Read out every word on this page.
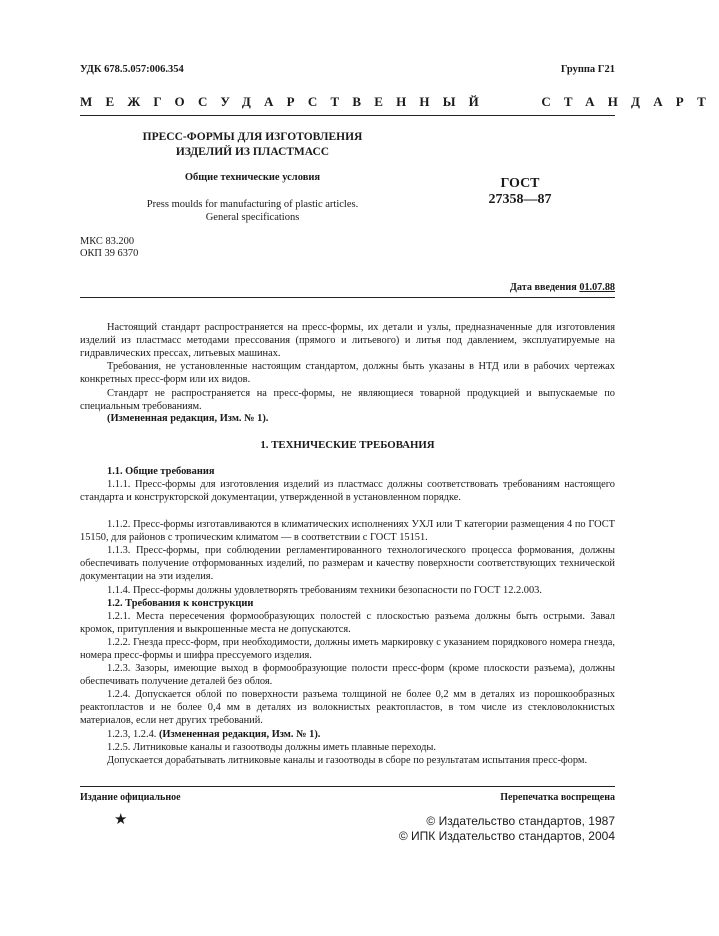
УДК 678.5.057:006.354	Группа Г21
МЕЖГОСУДАРСТВЕННЫЙ   СТАНДАРТ
ПРЕСС-ФОРМЫ ДЛЯ ИЗГОТОВЛЕНИЯ
ИЗДЕЛИЙ ИЗ ПЛАСТМАСС
Общие технические условия
Press moulds for manufacturing of plastic articles.
General specifications
ГОСТ
27358—87
МКС 83.200
ОКП 39 6370
Дата введения 01.07.88
Настоящий стандарт распространяется на пресс-формы, их детали и узлы, предназначенные для изготовления изделий из пластмасс методами прессования (прямого и литьевого) и литья под давлением, эксплуатируемые на гидравлических прессах, литьевых машинах.
Требования, не установленные настоящим стандартом, должны быть указаны в НТД или в рабочих чертежах конкретных пресс-форм или их видов.
Стандарт не распространяется на пресс-формы, не являющиеся товарной продукцией и выпускаемые по специальным требованиям.
(Измененная редакция, Изм. № 1).
1. ТЕХНИЧЕСКИЕ ТРЕБОВАНИЯ
1.1. Общие требования
1.1.1. Пресс-формы для изготовления изделий из пластмасс должны соответствовать требованиям настоящего стандарта и конструкторской документации, утвержденной в установленном порядке.
1.1.2. Пресс-формы изготавливаются в климатических исполнениях УХЛ или Т категории размещения 4 по ГОСТ 15150, для районов с тропическим климатом — в соответствии с ГОСТ 15151.
1.1.3. Пресс-формы, при соблюдении регламентированного технологического процесса формования, должны обеспечивать получение отформованных изделий, по размерам и качеству поверхности соответствующих технической документации на эти изделия.
1.1.4. Пресс-формы должны удовлетворять требованиям техники безопасности по ГОСТ 12.2.003.
1.2. Требования к конструкции
1.2.1. Места пересечения формообразующих полостей с плоскостью разъема должны быть острыми. Завал кромок, притупления и выкрошенные места не допускаются.
1.2.2. Гнезда пресс-форм, при необходимости, должны иметь маркировку с указанием порядкового номера гнезда, номера пресс-формы и шифра прессуемого изделия.
1.2.3. Зазоры, имеющие выход в формообразующие полости пресс-форм (кроме плоскости разъема), должны обеспечивать получение деталей без облоя.
1.2.4. Допускается облой по поверхности разъема толщиной не более 0,2 мм в деталях из порошкообразных реактопластов и не более 0,4 мм в деталях из волокнистых реактопластов, в том числе из стекловолокнистых материалов, если нет других требований.
1.2.3, 1.2.4. (Измененная редакция, Изм. № 1).
1.2.5. Литниковые каналы и газоотводы должны иметь плавные переходы.
Допускается дорабатывать литниковые каналы и газоотводы в сборе по результатам испытания пресс-форм.
Издание официальное	Перепечатка воспрещена
★	© Издательство стандартов, 1987
© ИПК Издательство стандартов, 2004
